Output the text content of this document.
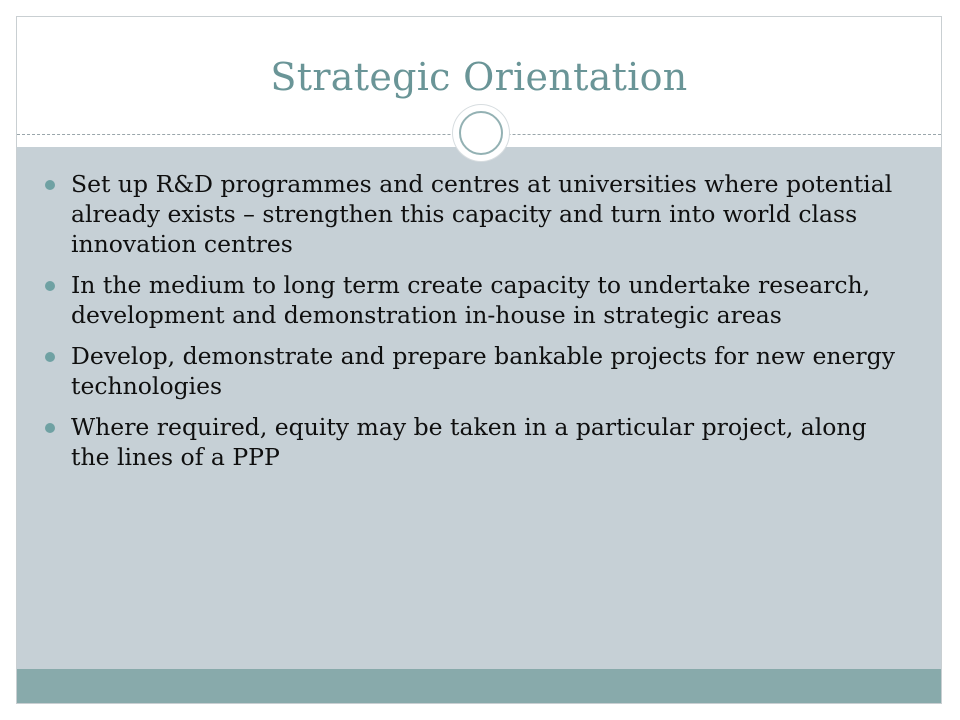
Strategic Orientation
Set up R&D programmes and centres at universities where potential already exists – strengthen this capacity and turn into world class innovation centres
In the medium to long term create capacity to undertake research, development and demonstration in-house in strategic areas
Develop, demonstrate and prepare bankable projects for new energy technologies
Where required, equity may be taken in a particular project, along the lines of a PPP
